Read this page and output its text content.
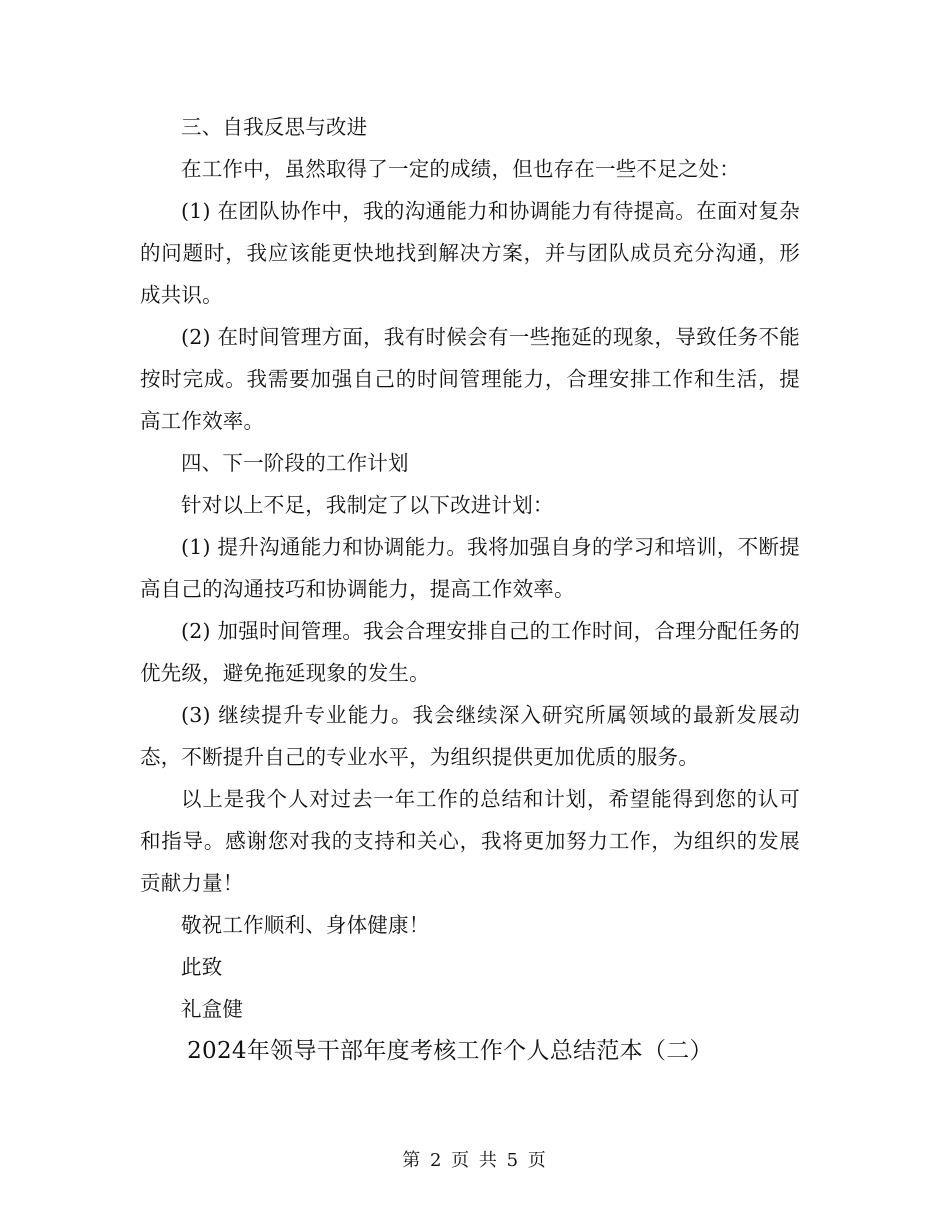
三、自我反思与改进

在工作中，虽然取得了一定的成绩，但也存在一些不足之处：

(1) 在团队协作中，我的沟通能力和协调能力有待提高。在面对复杂的问题时，我应该能更快地找到解决方案，并与团队成员充分沟通，形成共识。

(2) 在时间管理方面，我有时候会有一些拖延的现象，导致任务不能按时完成。我需要加强自己的时间管理能力，合理安排工作和生活，提高工作效率。

四、下一阶段的工作计划

针对以上不足，我制定了以下改进计划：

(1) 提升沟通能力和协调能力。我将加强自身的学习和培训，不断提高自己的沟通技巧和协调能力，提高工作效率。

(2) 加强时间管理。我会合理安排自己的工作时间，合理分配任务的优先级，避免拖延现象的发生。

(3) 继续提升专业能力。我会继续深入研究所属领域的最新发展动态，不断提升自己的专业水平，为组织提供更加优质的服务。

以上是我个人对过去一年工作的总结和计划，希望能得到您的认可和指导。感谢您对我的支持和关心，我将更加努力工作，为组织的发展贡献力量！

敬祝工作顺利、身体健康！

此致

礼盒健

2024年领导干部年度考核工作个人总结范本（二）

第 2 页 共 5 页
